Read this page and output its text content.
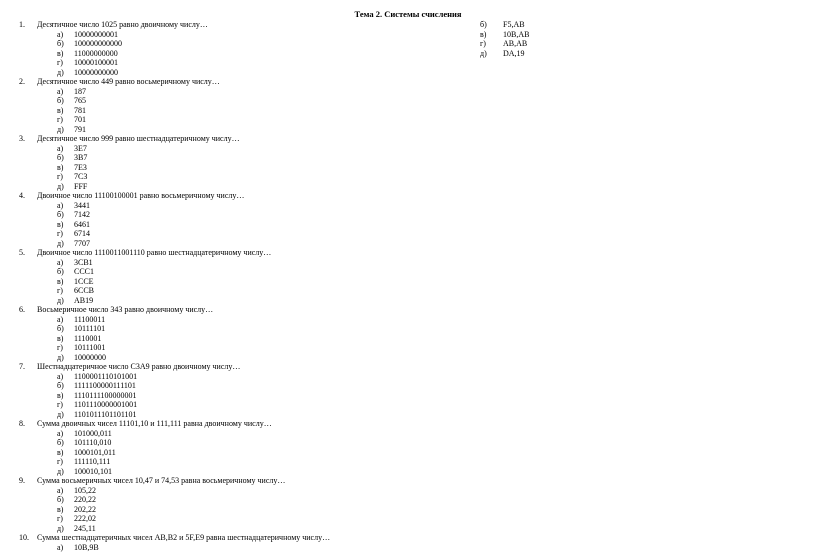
Тема 2. Системы счисления
1.	Десятичное число 1025 равно двоичному числу…
а)	10000000001
б)	100000000000
в)	11000000000
г)	10000100001
д)	10000000000
2.	Десятичное число 449 равно восьмеричному числу…
а)	187
б)	765
в)	781
г)	701
д)	791
3.	Десятичное число 999 равно шестнадцатеричному числу…
а)	3E7
б)	3B7
в)	7E3
г)	7C3
д)	FFF
4.	Двоичное число 11100100001 равно восьмеричному числу…
а)	3441
б)	7142
в)	6461
г)	6714
д)	7707
5.	Двоичное число 1110011001110 равно шестнадцатеричному числу…
а)	3CB1
б)	CCC1
в)	1CCE
г)	6CCB
д)	AB19
6.	Восьмеричное число 343 равно двоичному числу…
а)	11100011
б)	10111101
в)	1110001
г)	10111001
д)	10000000
7.	Шестнадцатеричное число C3A9 равно двоичному числу…
а)	1100001110101001
б)	1111100000111101
в)	1110111100000001
г)	1101110000001001
д)	1101011101101101
8.	Сумма двоичных чисел 11101,10 и 111,111 равна двоичному числу…
а)	101000,011
б)	101110,010
в)	1000101,011
г)	111110,111
д)	100010,101
9.	Сумма восьмеричных чисел 10,47 и 74,53 равна восьмеричному числу…
а)	105,22
б)	220,22
в)	202,22
г)	222,02
д)	245,11
10.	Сумма шестнадцатеричных чисел AB,B2 и 5F,E9 равна шестнадцатеричному числу…
а)	10B,9B
б)	F5,AB
в)	10B,AB
г)	AB,AB
д)	DA,19
